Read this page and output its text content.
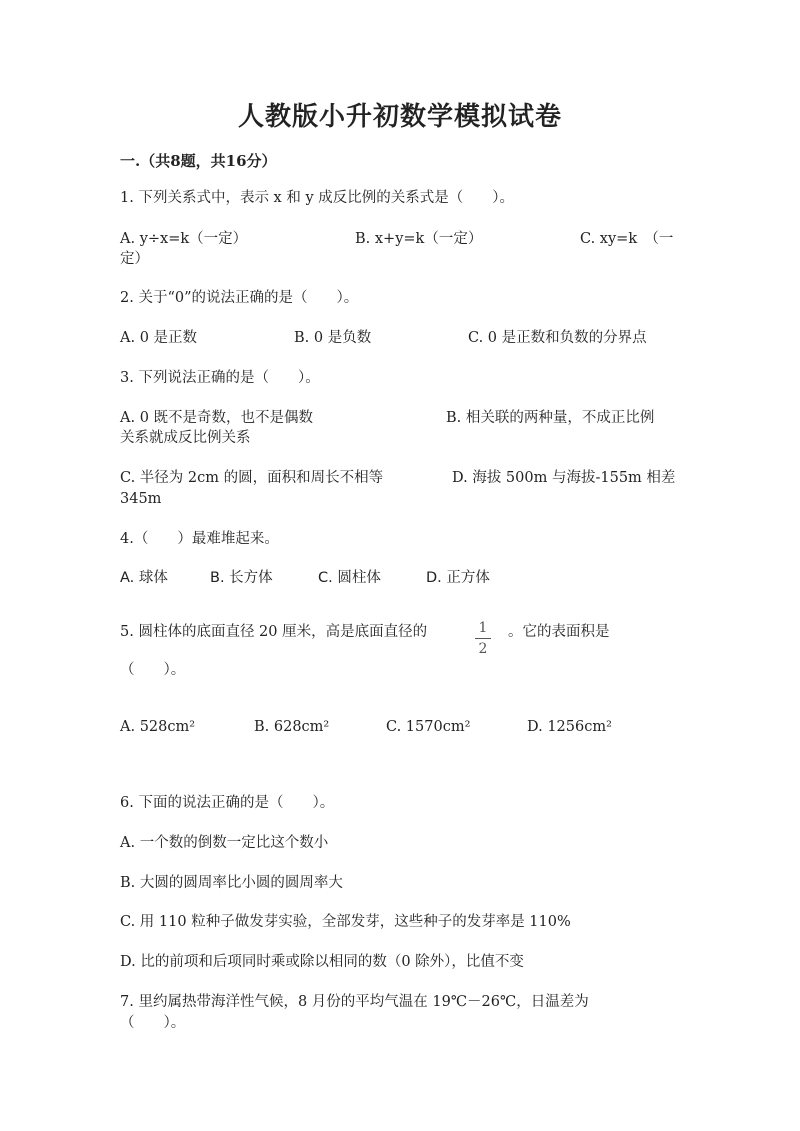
人教版小升初数学模拟试卷
一.（共8题，共16分）
1. 下列关系式中，表示 x 和 y 成反比例的关系式是（　　）。
A. y÷x=k（一定）	B. x+y=k（一定）	C. xy=k　（一
定）
2. 关于“0”的说法正确的是（　　）。
A. 0 是正数	B. 0 是负数	C. 0 是正数和负数的分界点
3. 下列说法正确的是（　　）。
A. 0 既不是奇数，也不是偶数	B. 相关联的两种量，不成正比例
关系就成反比例关系
C. 半径为 2cm 的圆，面积和周长不相等	D. 海拔 500m 与海拔-155m 相差
345m
4.（　　）最难堆起来。
A. 球体	B. 长方体	C. 圆柱体	D. 正方体
5. 圆柱体的底面直径 20 厘米，高是底面直径的	1
2
。它的表面积是
（　　）。
A. 528cm²	B. 628cm²	C. 1570cm²	D. 1256cm²
6. 下面的说法正确的是（　　）。
A. 一个数的倒数一定比这个数小
B. 大圆的圆周率比小圆的圆周率大
C. 用 110 粒种子做发芽实验，全部发芽，这些种子的发芽率是 110%
D. 比的前项和后项同时乘或除以相同的数（0 除外），比值不变
7. 里约属热带海洋性气候，8 月份的平均气温在 19℃－26℃，日温差为
（　　）。
